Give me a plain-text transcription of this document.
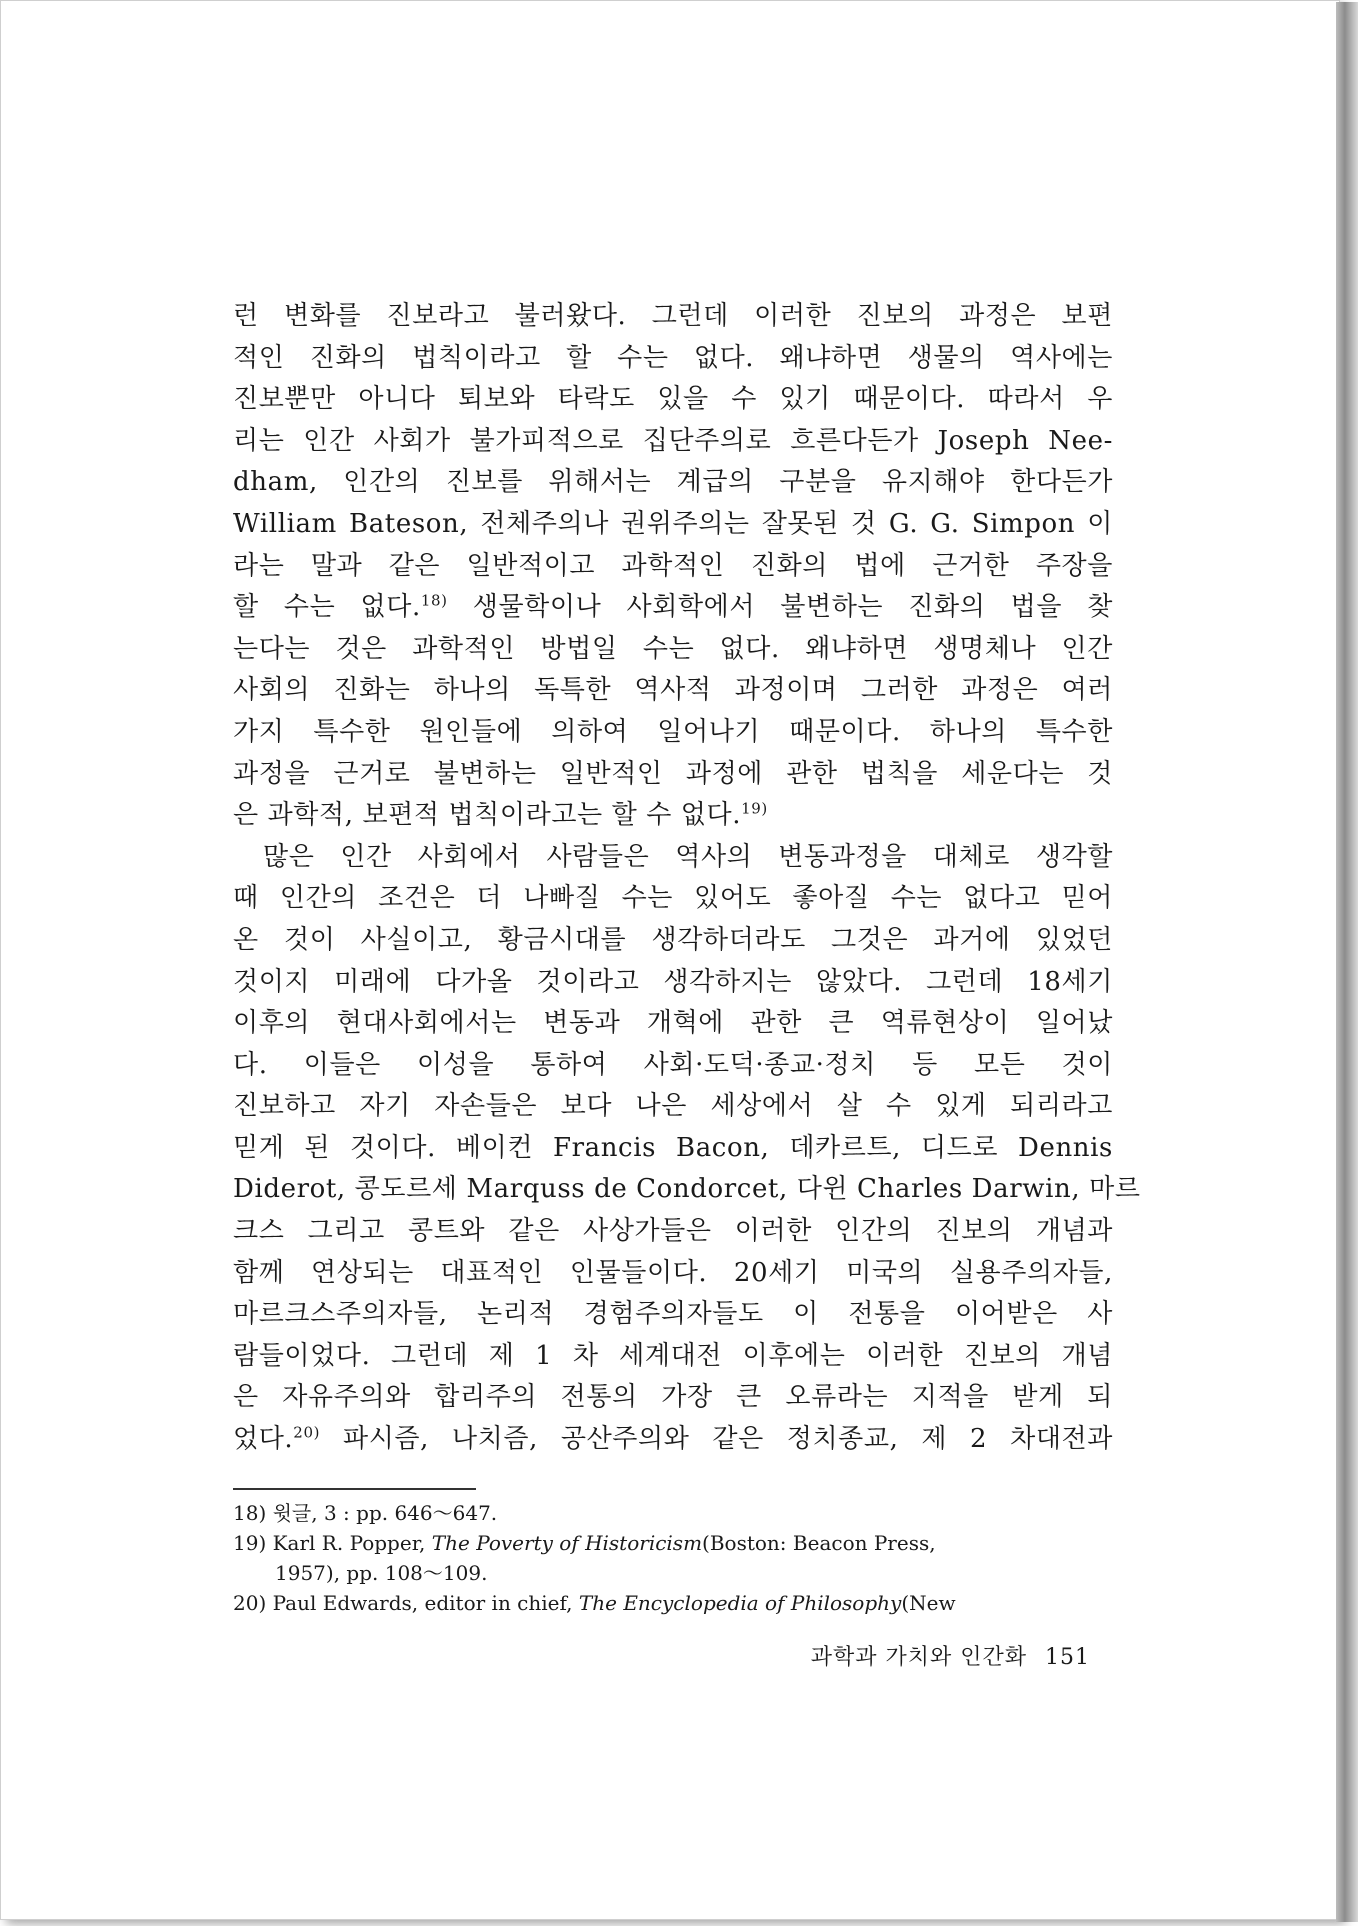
런 변화를 진보라고 불러왔다. 그런데 이러한 진보의 과정은 보편
적인 진화의 법칙이라고 할 수는 없다. 왜냐하면 생물의 역사에는
진보뿐만 아니다 퇴보와 타락도 있을 수 있기 때문이다. 따라서 우
리는 인간 사회가 불가피적으로 집단주의로 흐른다든가 Joseph Nee-
dham, 인간의 진보를 위해서는 계급의 구분을 유지해야 한다든가
William Bateson, 전체주의나 권위주의는 잘못된 것 G. G. Simpon 이
라는 말과 같은 일반적이고 과학적인 진화의 법에 근거한 주장을
할 수는 없다.$^{18)}$ 생물학이나 사회학에서 불변하는 진화의 법을 찾
는다는 것은 과학적인 방법일 수는 없다. 왜냐하면 생명체나 인간
사회의 진화는 하나의 독특한 역사적 과정이며 그러한 과정은 여러
가지 특수한 원인들에 의하여 일어나기 때문이다. 하나의 특수한
과정을 근거로 불변하는 일반적인 과정에 관한 법칙을 세운다는 것
은 과학적, 보편적 법칙이라고는 할 수 없다.$^{19)}$
많은 인간 사회에서 사람들은 역사의 변동과정을 대체로 생각할
때 인간의 조건은 더 나빠질 수는 있어도 좋아질 수는 없다고 믿어
온 것이 사실이고, 황금시대를 생각하더라도 그것은 과거에 있었던
것이지 미래에 다가올 것이라고 생각하지는 않았다. 그런데 18세기
이후의 현대사회에서는 변동과 개혁에 관한 큰 역류현상이 일어났
다. 이들은 이성을 통하여 사회·도덕·종교·정치 등 모든 것이
진보하고 자기 자손들은 보다 나은 세상에서 살 수 있게 되리라고
믿게 된 것이다. 베이컨 Francis Bacon, 데카르트, 디드로 Dennis
Diderot, 콩도르세 Marquss de Condorcet, 다윈 Charles Darwin, 마르
크스 그리고 콩트와 같은 사상가들은 이러한 인간의 진보의 개념과
함께 연상되는 대표적인 인물들이다. 20세기 미국의 실용주의자들,
마르크스주의자들, 논리적 경험주의자들도 이 전통을 이어받은 사
람들이었다. 그런데 제 1 차 세계대전 이후에는 이러한 진보의 개념
은 자유주의와 합리주의 전통의 가장 큰 오류라는 지적을 받게 되
었다.$^{20)}$ 파시즘, 나치즘, 공산주의와 같은 정치종교, 제 2 차대전과
18) 윗글, 3 : pp. 646～647.
19) Karl R. Popper, The Poverty of Historicism(Boston: Beacon Press,
1957), pp. 108～109.
20) Paul Edwards, editor in chief, The Encyclopedia of Philosophy(New
과학과 가치와 인간화 151
